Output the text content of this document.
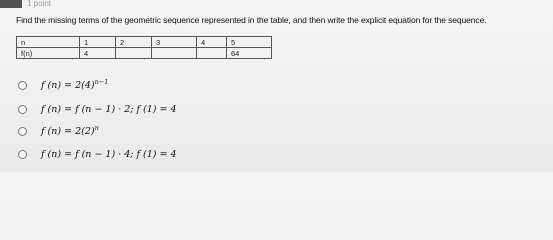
1 point
Find the missing terms of the geometric sequence represented in the table, and then write the explicit equation for the sequence.
n	1	2	3	4	5
f(n)	4				64
f $(n) = 2(4)^{n-1}$
f (n) = f (n − 1) · 2; f (1) = 4
f $(n) = 2(2)^n$
f (n) = f (n − 1) · 4; f (1) = 4
